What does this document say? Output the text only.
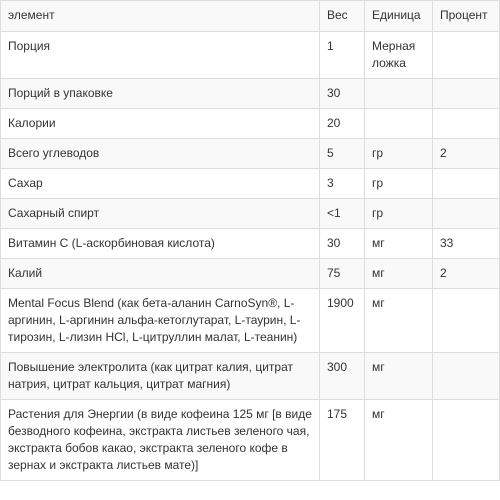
элемент	Вес	Единица	Процент
Порция	1	Мерная ложка	
Порций в упаковке	30		
Калории	20		
Всего углеводов	5	гр	2
Сахар	3	гр	
Сахарный спирт	<1	гр	
Витамин C (L-аскорбиновая кислота)	30	мг	33
Калий	75	мг	2
Mental Focus Blend (как бета-аланин CarnoSyn®, L-аргинин, L-аргинин альфа-кетоглутарат, L-таурин, L-тирозин, L-лизин HCl, L-цитруллин малат, L-теанин)	1900	мг	
Повышение электролита (как цитрат калия, цитрат натрия, цитрат кальция, цитрат магния)	300	мг	
Растения для Энергии (в виде кофеина 125 мг [в виде безводного кофеина, экстракта листьев зеленого чая, экстракта бобов какао, экстракта зеленого кофе в зернах и экстракта листьев мате)]	175	мг	
